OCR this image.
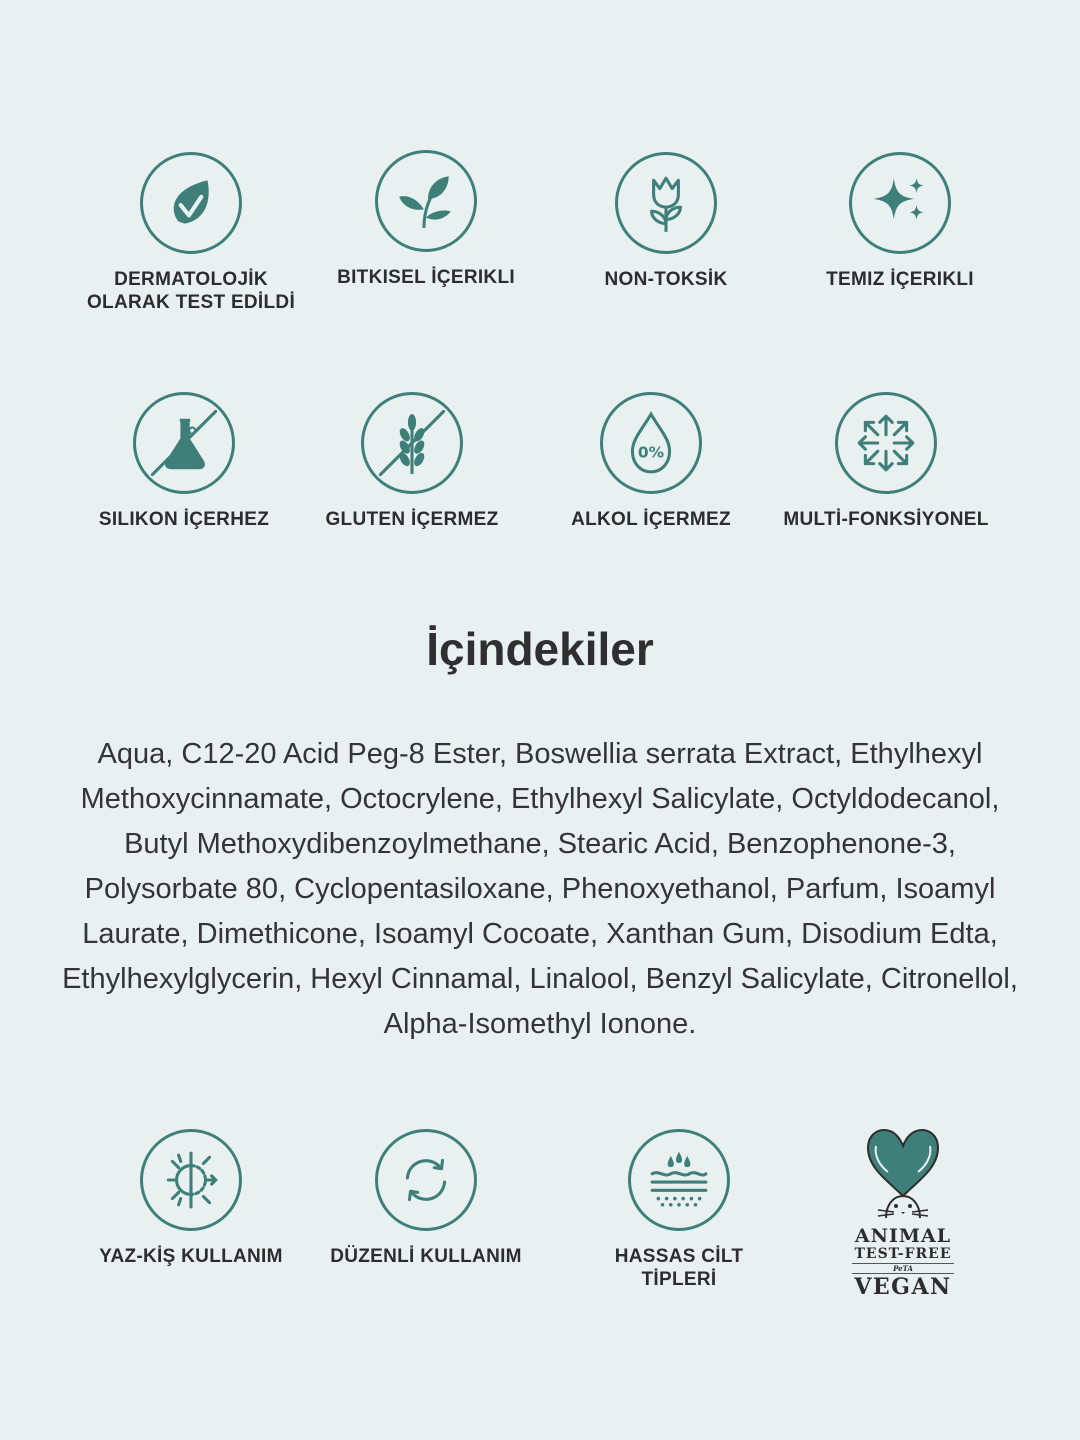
DERMATOLOJİK
OLARAK TEST EDİLDİ
BITKISEL İÇERIKLI	NON-TOKSİK	TEMIZ İÇERIKLI
SILIKON İÇERHEZ	GLUTEN İÇERMEZ
0%
ALKOL İÇERMEZ	MULTİ-FONKSİYONEL
İçindekiler
Aqua, C12-20 Acid Peg-8 Ester, Boswellia serrata Extract, Ethylhexyl Methoxycinnamate, Octocrylene, Ethylhexyl Salicylate, Octyldodecanol, Butyl Methoxydibenzoylmethane, Stearic Acid, Benzophenone-3, Polysorbate 80, Cyclopentasiloxane, Phenoxyethanol, Parfum, Isoamyl Laurate, Dimethicone, Isoamyl Cocoate, Xanthan Gum, Disodium Edta, Ethylhexylglycerin, Hexyl Cinnamal, Linalool, Benzyl Salicylate, Citronellol, Alpha-Isomethyl Ionone.
YAZ-KİŞ KULLANIM	DÜZENLİ KULLANIM	HASSAS CİLT
TİPLERİ
ANIMAL
TEST-FREE
PeTA
VEGAN
